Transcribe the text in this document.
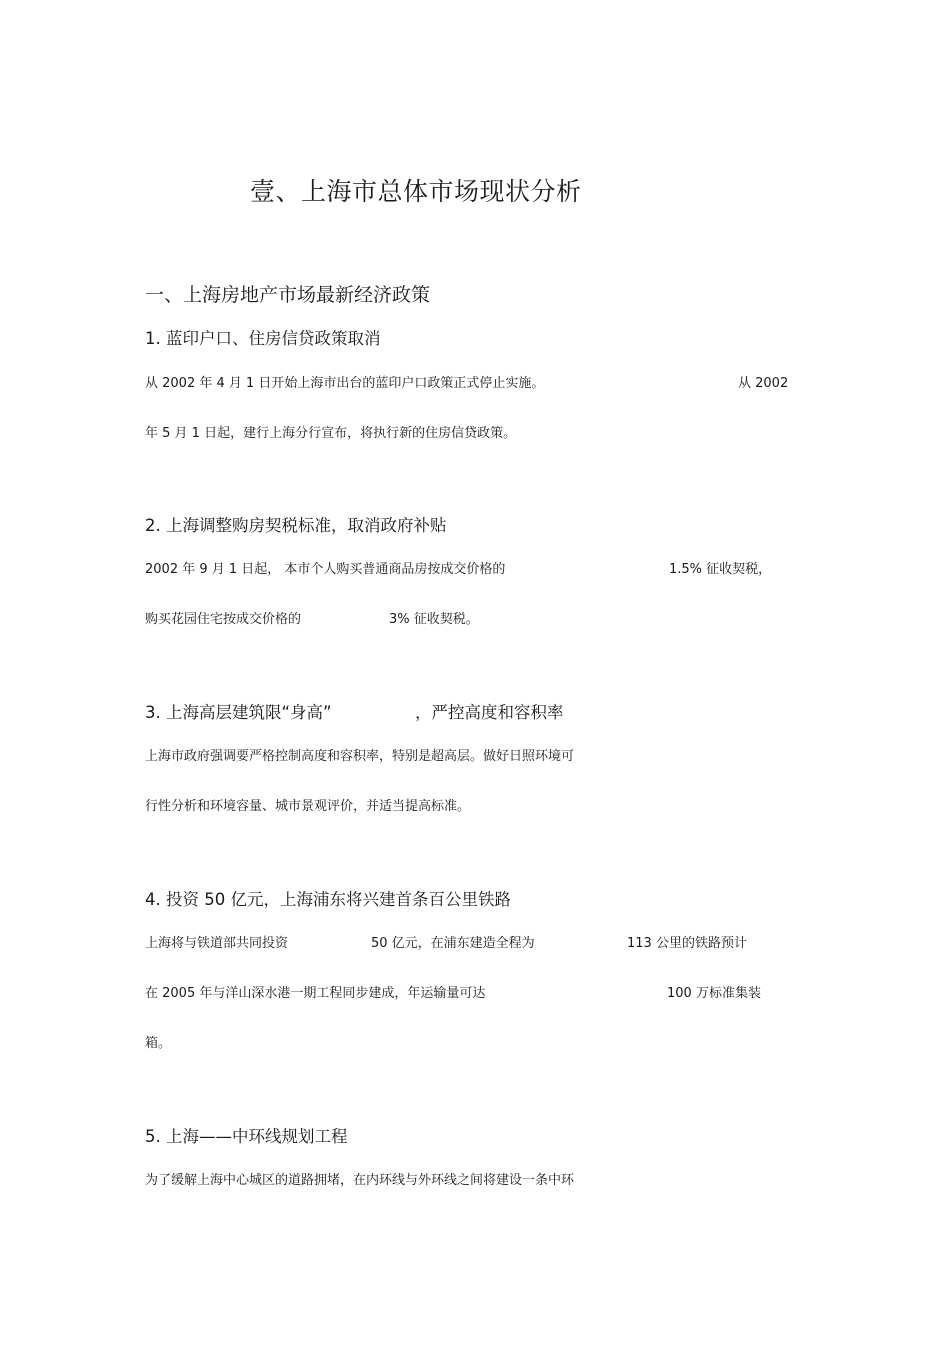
壹、上海市总体市场现状分析
一、上海房地产市场最新经济政策
1. 蓝印户口、住房信贷政策取消
从 2002 年 4 月 1 日开始上海市出台的蓝印户口政策正式停止实施。	从 2002
年 5 月 1 日起，建行上海分行宣布，将执行新的住房信贷政策。
2. 上海调整购房契税标准，取消政府补贴
2002 年 9 月 1 日起， 本市个人购买普通商品房按成交价格的	1.5% 征收契税，
购买花园住宅按成交价格的	3% 征收契税。
3. 上海高层建筑限“身高”	，严控高度和容积率
上海市政府强调要严格控制高度和容积率，特别是超高层。做好日照环境可
行性分析和环境容量、城市景观评价，并适当提高标准。
4. 投资 50 亿元，上海浦东将兴建首条百公里铁路
上海将与铁道部共同投资	50 亿元，在浦东建造全程为	113 公里的铁路预计
在 2005 年与洋山深水港一期工程同步建成，年运输量可达	100 万标准集装
箱。
5. 上海——中环线规划工程
为了缓解上海中心城区的道路拥堵，在内环线与外环线之间将建设一条中环
